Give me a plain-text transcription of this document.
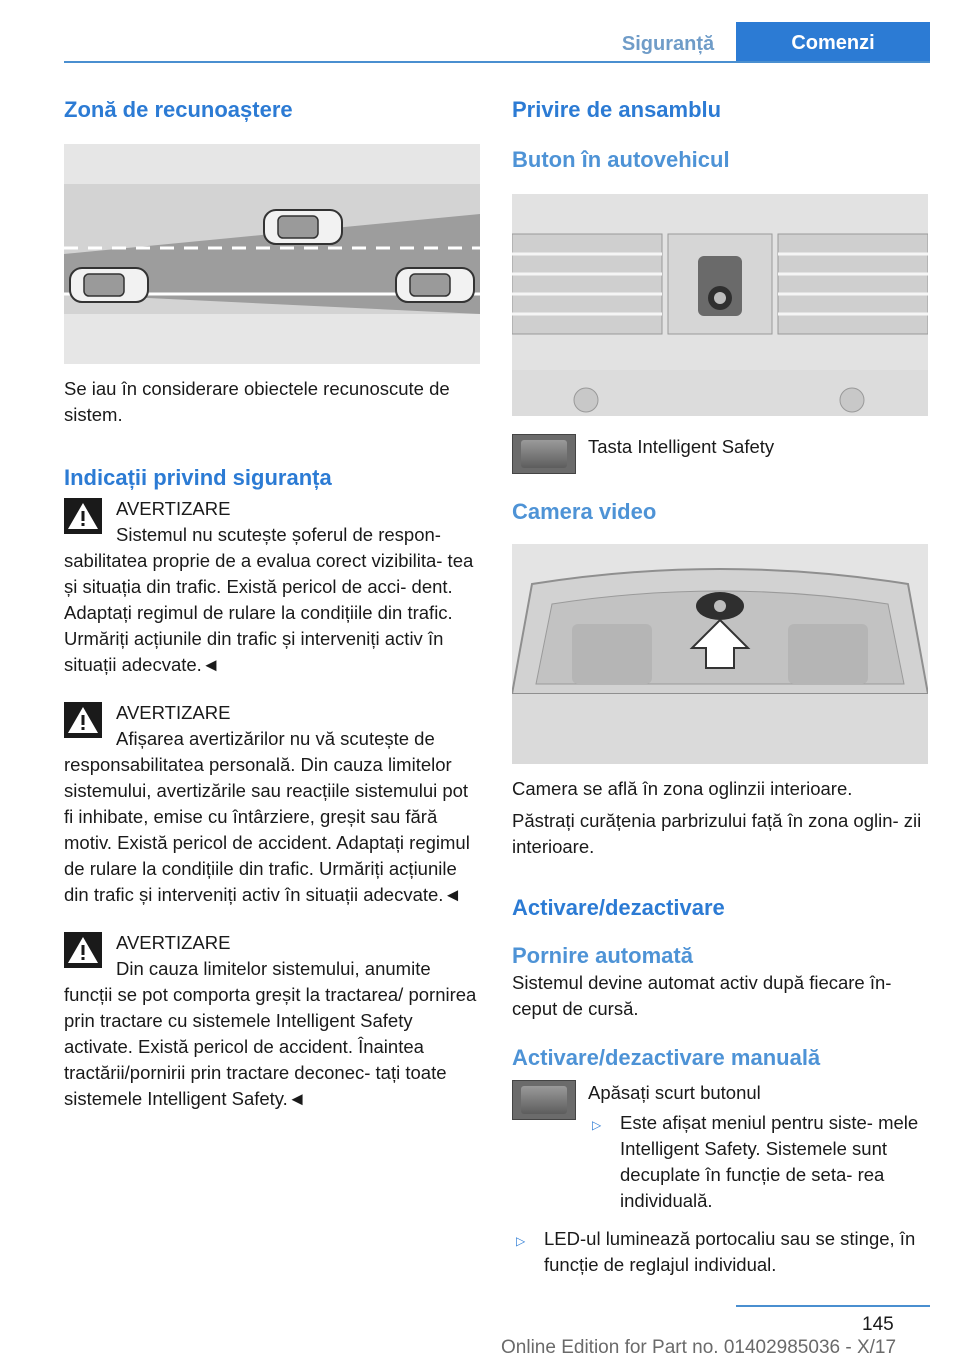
Siguranță	Comenzi
Zonă de recunoaștere

Se iau în considerare obiectele recunoscute de sistem.

Indicații privind siguranța

AVERTIZARE

Sistemul nu scutește șoferul de respon- sabilitatea proprie de a evalua corect vizibilita- tea și situația din trafic. Există pericol de acci- dent. Adaptați regimul de rulare la condițiile din trafic. Urmăriți acțiunile din trafic și interveniți activ în situații adecvate.◄

AVERTIZARE

Afișarea avertizărilor nu vă scutește de responsabilitatea personală. Din cauza limitelor sistemului, avertizările sau reacțiile sistemului pot fi inhibate, emise cu întârziere, greșit sau fără motiv. Există pericol de accident. Adaptați regimul de rulare la condițiile din trafic. Urmăriți acțiunile din trafic și interveniți activ în situații adecvate.◄

AVERTIZARE

Din cauza limitelor sistemului, anumite funcții se pot comporta greșit la tractarea/ pornirea prin tractare cu sistemele Intelligent Safety activate. Există pericol de accident. Înaintea tractării/pornirii prin tractare deconec- tați toate sistemele Intelligent Safety.◄

Privire de ansamblu
Buton în autovehicul

Tasta Intelligent Safety

Camera video

Camera se află în zona oglinzii interioare.

Păstrați curățenia parbrizului față în zona oglin- zii interioare.

Activare/dezactivare
Pornire automată

Sistemul devine automat activ după fiecare în- ceput de cursă.

Activare/dezactivare manuală

Apăsați scurt butonul

▷ Este afișat meniul pentru siste- mele Intelligent Safety. Sistemele sunt decuplate în funcție de seta- rea individuală.
▷ LED-ul luminează portocaliu sau se stinge, în funcție de reglajul individual.
145
Online Edition for Part no. 01402985036 - X/17
